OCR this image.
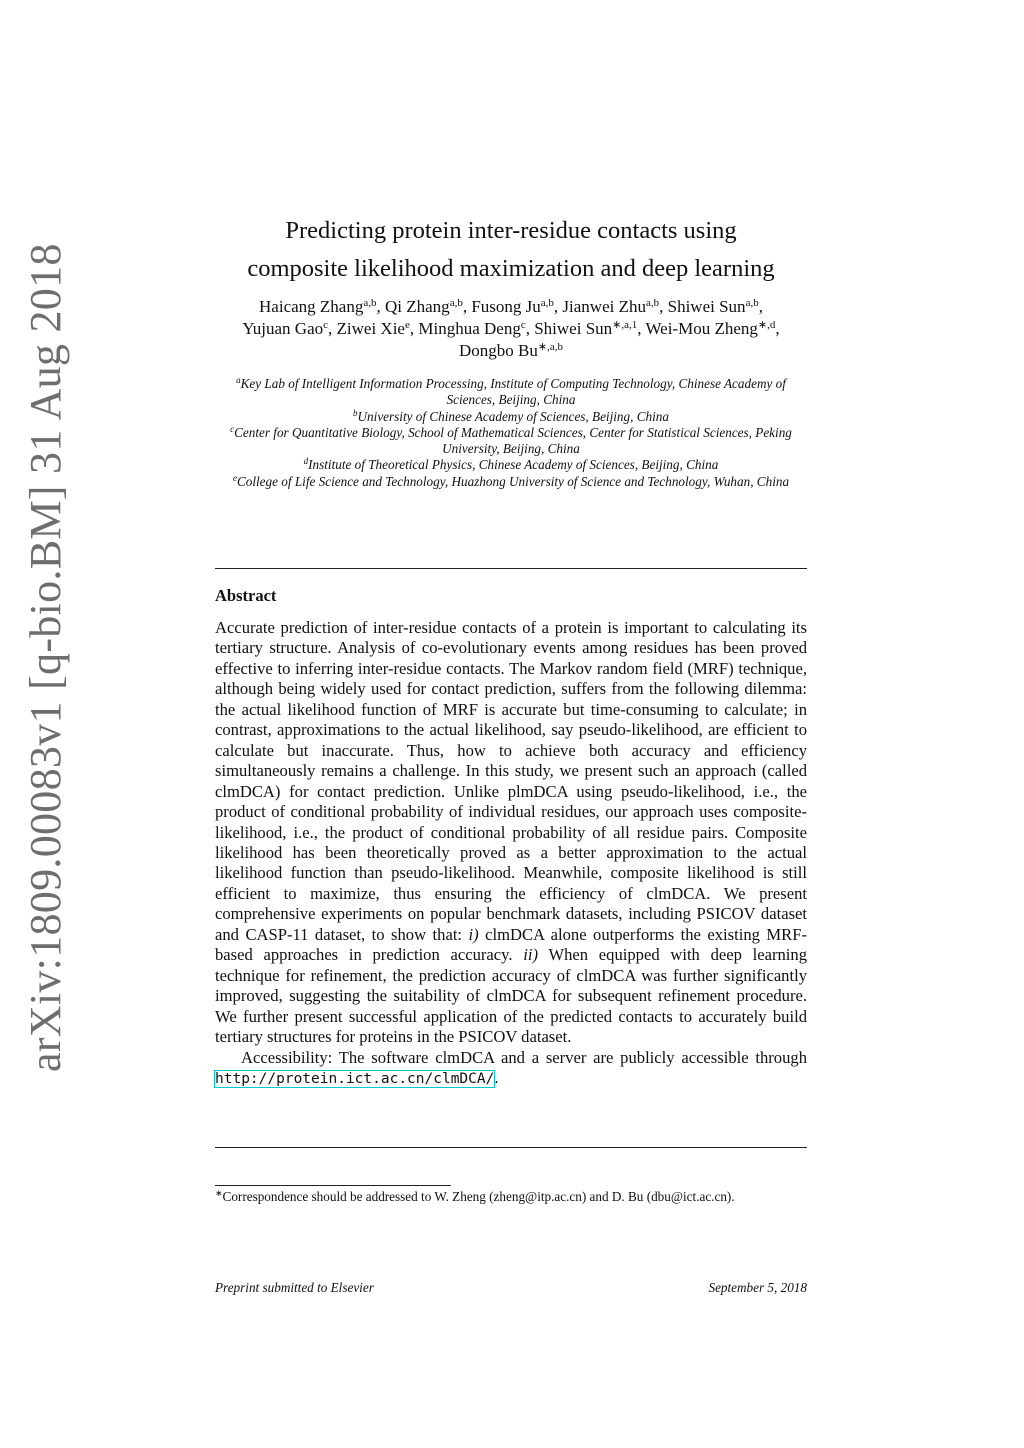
arXiv:1809.00083v1 [q-bio.BM] 31 Aug 2018
Predicting protein inter-residue contacts using
composite likelihood maximization and deep learning
Haicang Zhang$^{a,b}$, Qi Zhang$^{a,b}$, Fusong Ju$^{a,b}$, Jianwei Zhu$^{a,b}$, Shiwei Sun$^{a,b}$,
Yujuan Gao$^c$, Ziwei Xie$^e$, Minghua Deng$^c$, Shiwei Sun$^{∗,a,1}$, Wei-Mou Zheng$^{∗,d}$,
Dongbo $Bu^{∗,a,b}$
$^a$Key Lab of Intelligent Information Processing, Institute of Computing Technology, Chinese Academy of Sciences, Beijing, China
$^b$University of Chinese Academy of Sciences, Beijing, China
$^c$Center for Quantitative Biology, School of Mathematical Sciences, Center for Statistical Sciences, Peking University, Beijing, China
$^d$Institute of Theoretical Physics, Chinese Academy of Sciences, Beijing, China
$^e$College of Life Science and Technology, Huazhong University of Science and Technology, Wuhan, China
Abstract

Accurate prediction of inter-residue contacts of a protein is important to calculating its tertiary structure. Analysis of co-evolutionary events among residues has been proved effective to inferring inter-residue contacts. The Markov random field (MRF) technique, although being widely used for contact prediction, suffers from the following dilemma: the actual likelihood function of MRF is accurate but time-consuming to calculate; in contrast, approximations to the actual likelihood, say pseudo-likelihood, are efficient to calculate but inaccurate. Thus, how to achieve both accuracy and efficiency simultaneously remains a challenge. In this study, we present such an approach (called clmDCA) for contact prediction. Unlike plmDCA using pseudo-likelihood, i.e., the product of conditional probability of individual residues, our approach uses composite-likelihood, i.e., the product of conditional probability of all residue pairs. Composite likelihood has been theoretically proved as a better approximation to the actual likelihood function than pseudo-likelihood. Meanwhile, composite likelihood is still efficient to maximize, thus ensuring the efficiency of clmDCA. We present comprehensive experiments on popular benchmark datasets, including PSICOV dataset and CASP-11 dataset, to show that: i) clmDCA alone outperforms the existing MRF-based approaches in prediction accuracy. ii) When equipped with deep learning technique for refinement, the prediction accuracy of clmDCA was further significantly improved, suggesting the suitability of clmDCA for subsequent refinement procedure. We further present successful application of the predicted contacts to accurately build tertiary structures for proteins in the PSICOV dataset.

Accessibility: The software clmDCA and a server are publicly accessible through http://protein.ict.ac.cn/clmDCA/.

∗Correspondence should be addressed to W. Zheng (zheng@itp.ac.cn) and D. Bu (dbu@ict.ac.cn).
Preprint submitted to Elsevier	September 5, 2018
